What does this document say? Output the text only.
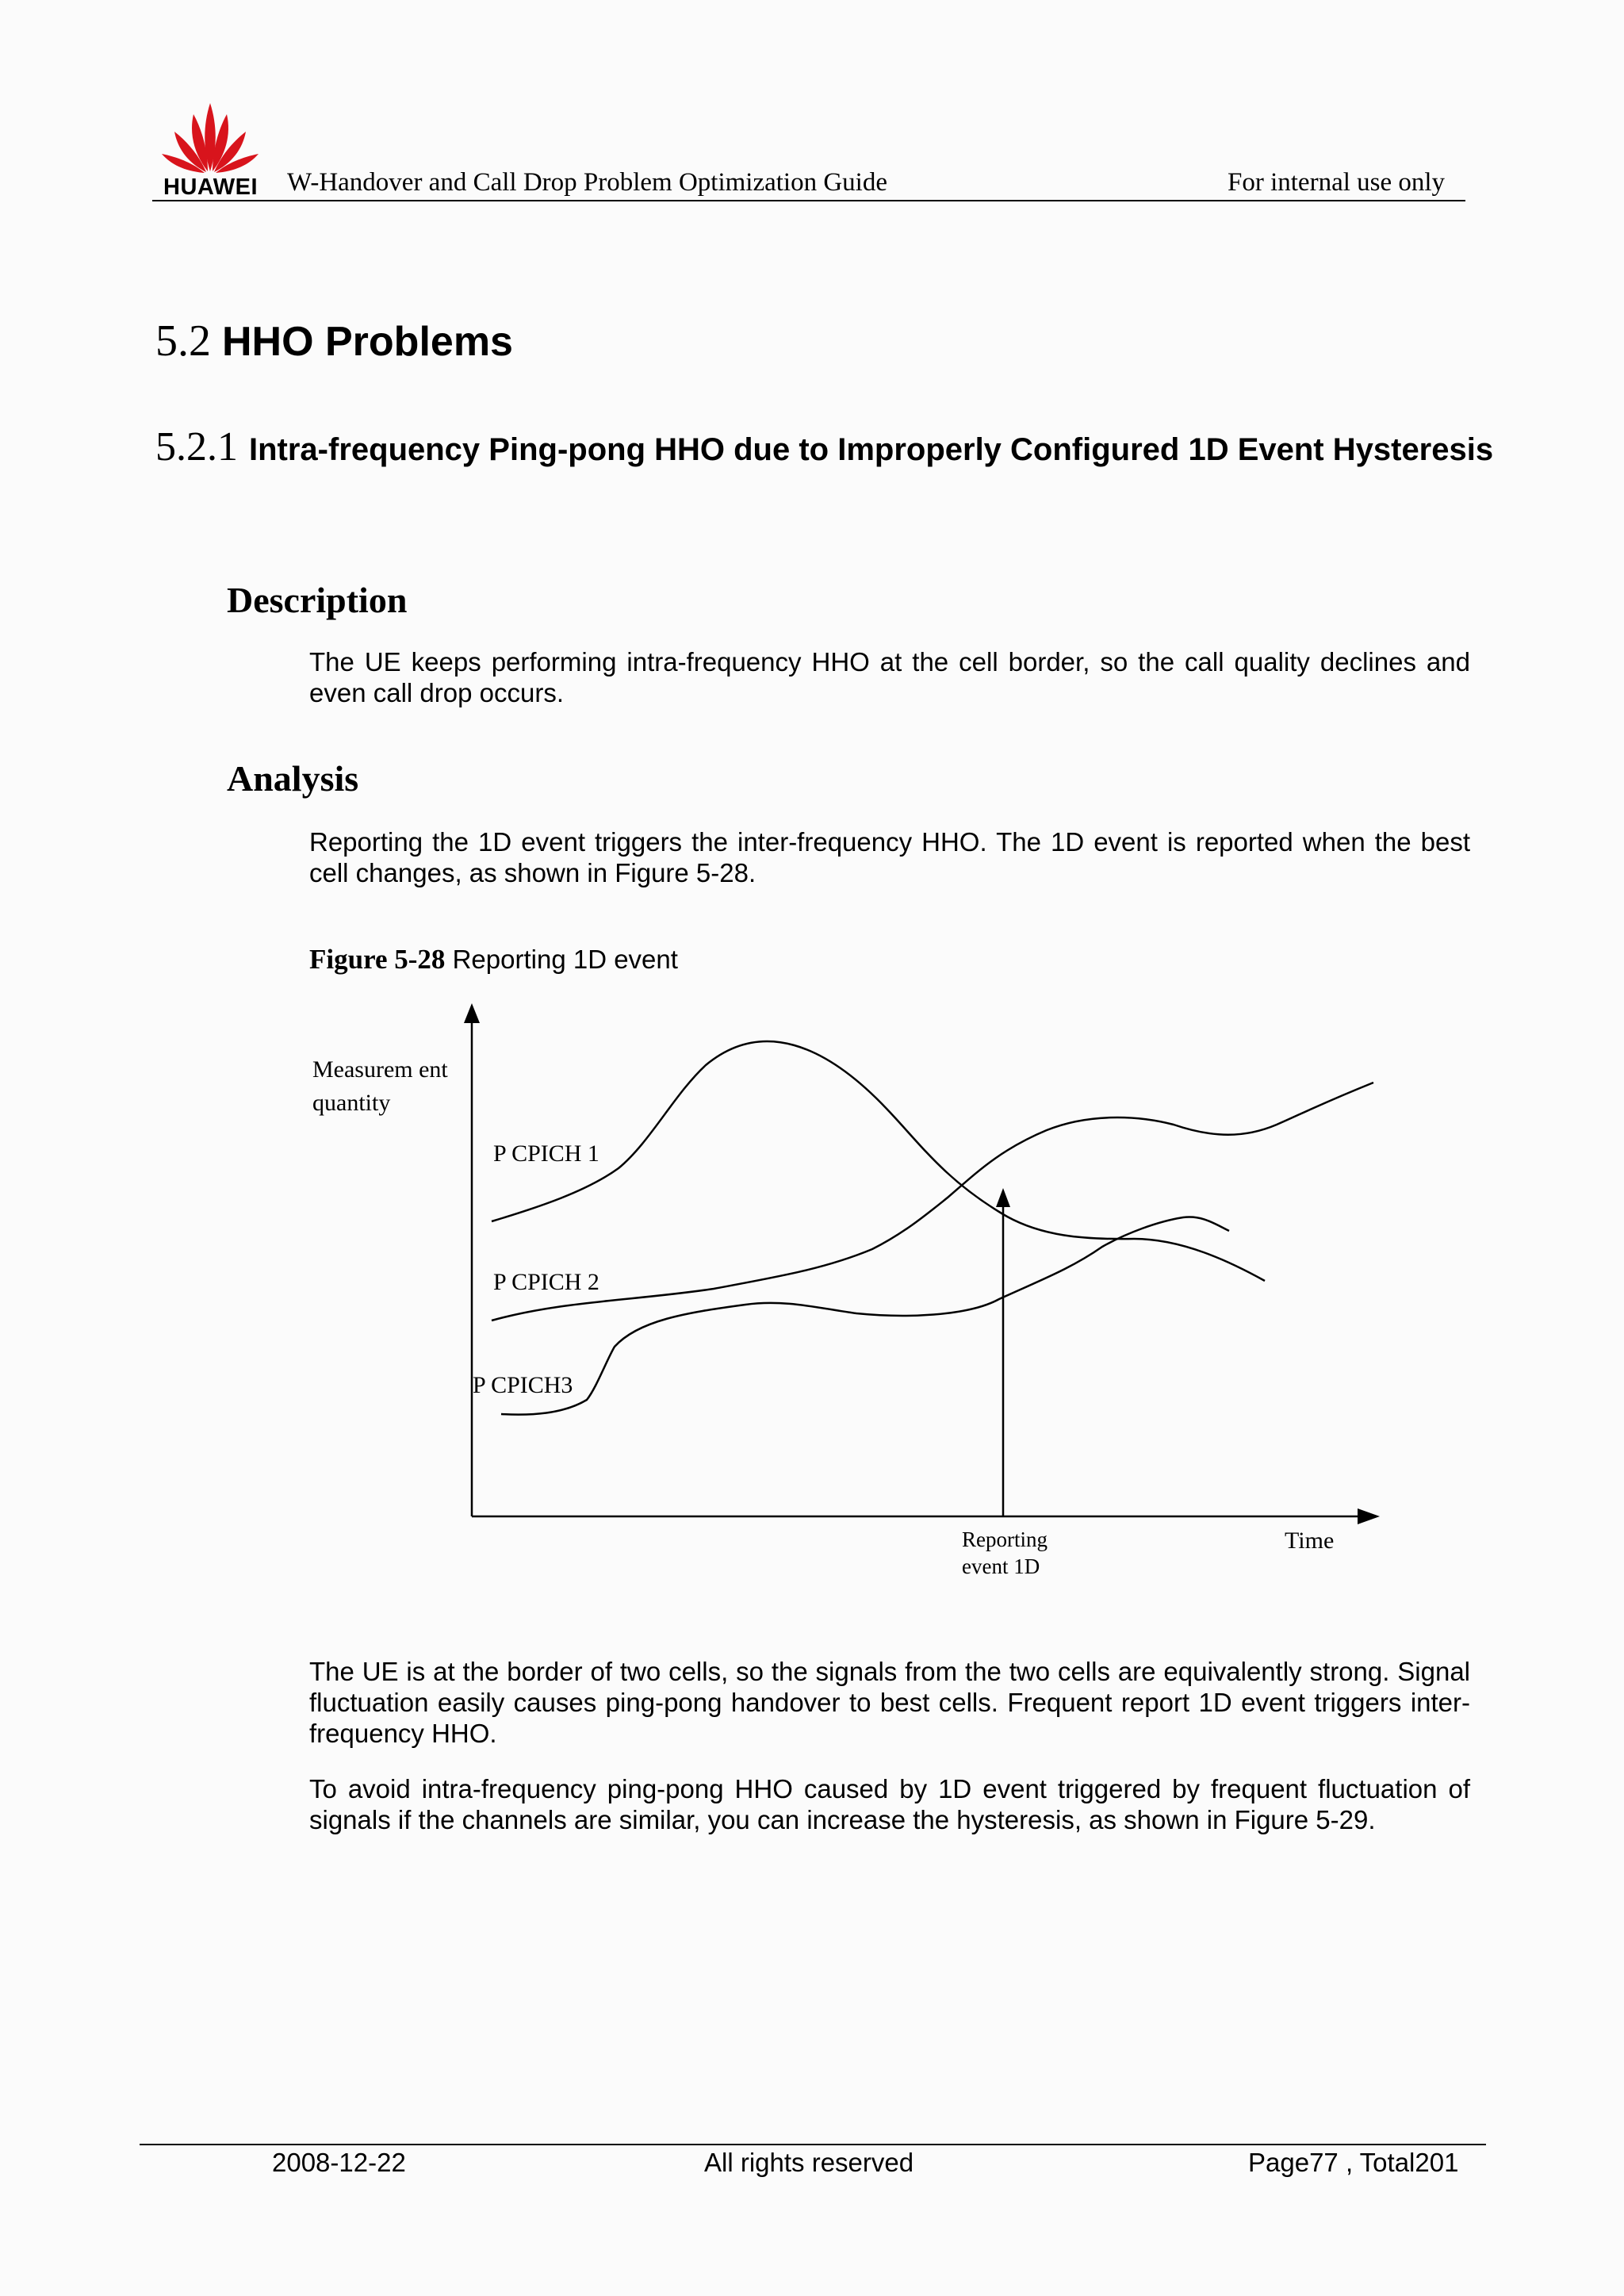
HUAWEI W-Handover and Call Drop Problem Optimization Guide	For internal use only
5.2 HHO Problems
5.2.1 Intra-frequency Ping-pong HHO due to Improperly Configured 1D Event Hysteresis
Description
The UE keeps performing intra-frequency HHO at the cell border, so the call quality declines and even call drop occurs.
Analysis
Reporting the 1D event triggers the inter-frequency HHO. The 1D event is reported when the best cell changes, as shown in Figure 5-28.
Figure 5-28 Reporting 1D event
Measurem ent
quantity
P CPICH 1
P CPICH 2
P CPICH3
Reporting
event 1D
Time
The UE is at the border of two cells, so the signals from the two cells are equivalently strong. Signal fluctuation easily causes ping-pong handover to best cells. Frequent report 1D event triggers inter-frequency HHO.
To avoid intra-frequency ping-pong HHO caused by 1D event triggered by frequent fluctuation of signals if the channels are similar, you can increase the hysteresis, as shown in Figure 5-29.
2008-12-22	All rights reserved	Page77 , Total201
